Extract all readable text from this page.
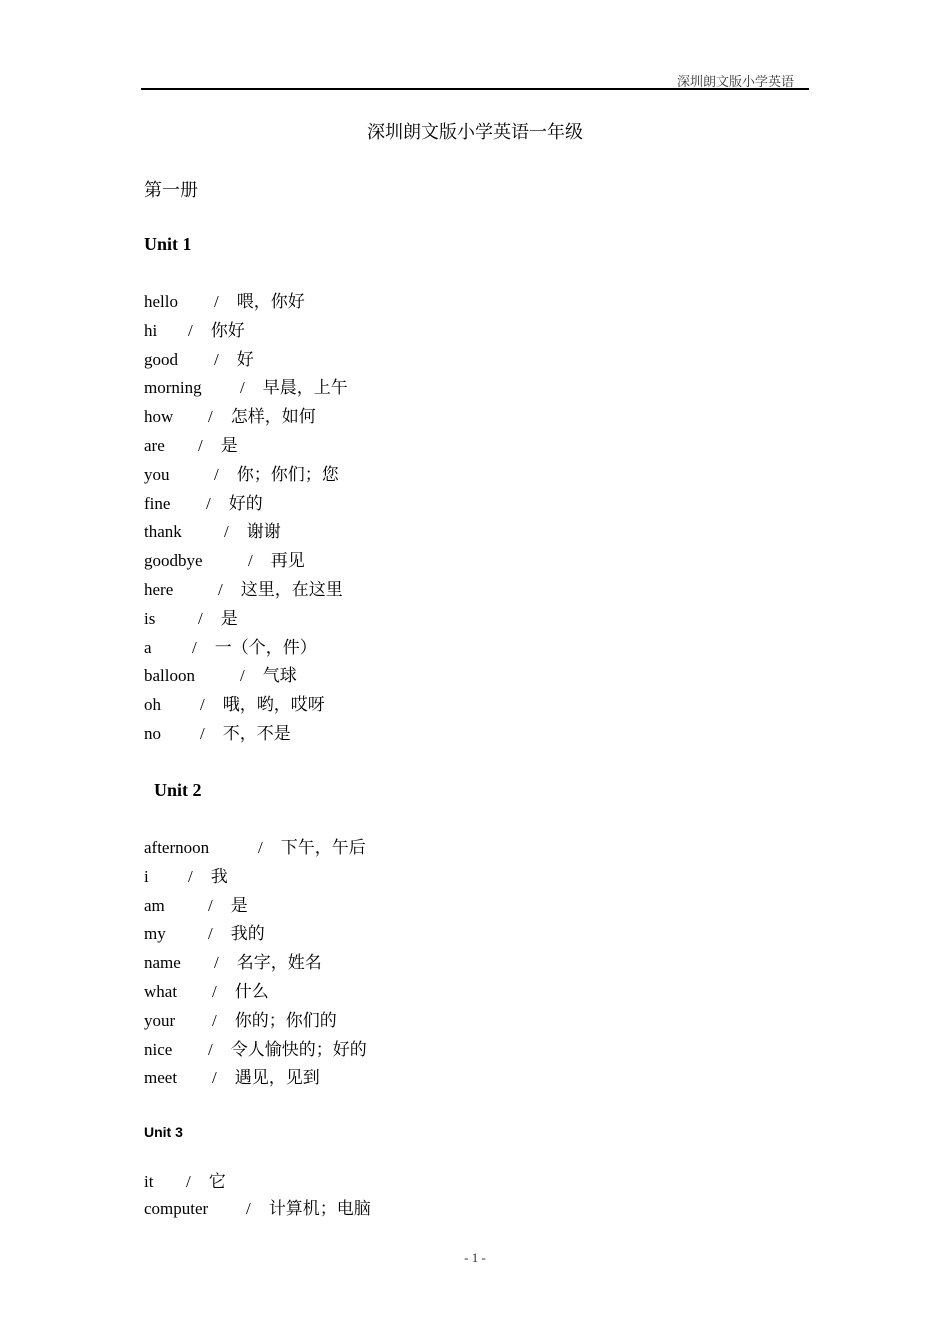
深圳朗文版小学英语
深圳朗文版小学英语一年级
第一册
Unit 1
hello / 喂，你好
hi / 你好
good / 好
morning / 早晨，上午
how / 怎样，如何
are / 是
you	/ 你；你们；您
fine / 好的
thank / 谢谢
goodbye	/ 再见
here	/ 这里，在这里
is	/ 是
a / 一（个，件）
balloon	/ 气球
oh / 哦，哟，哎呀
no / 不，不是
Unit 2
afternoon	/ 下午，午后
i / 我
am	/ 是
my / 我的
name / 名字，姓名
what / 什么
your / 你的；你们的
nice / 令人愉快的；好的
meet / 遇见，见到
Unit 3
it / 它
computer / 计算机；电脑
- 1 -
